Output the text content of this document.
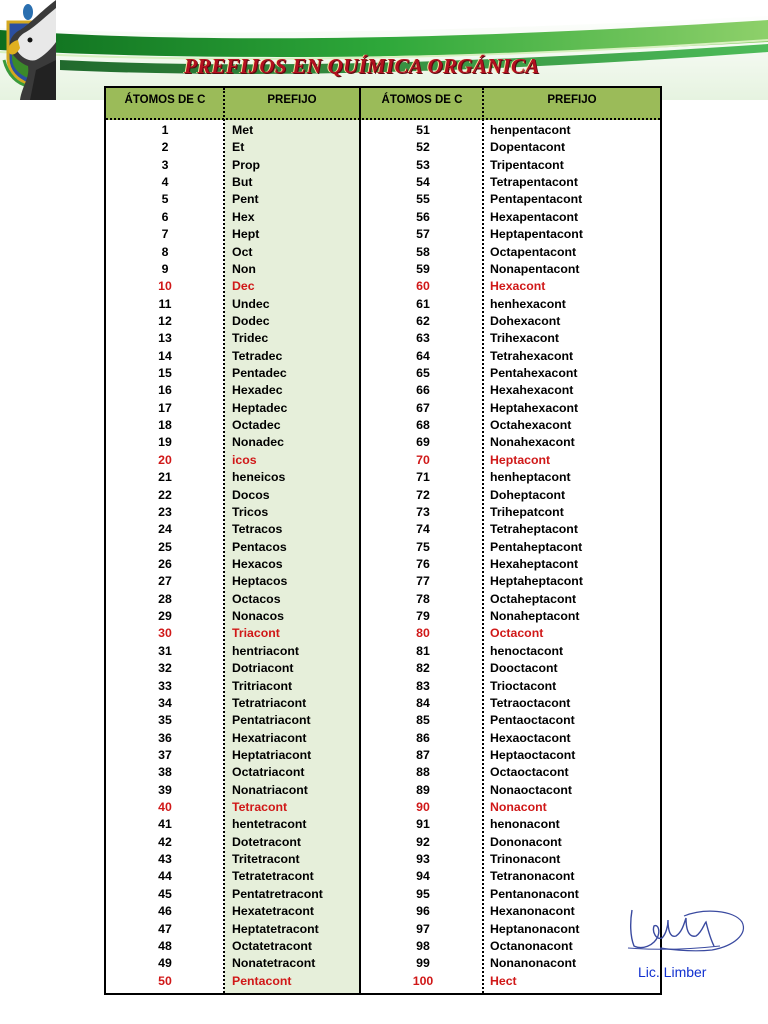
PREFIJOS EN QUÍMICA ORGÁNICA
ÁTOMOS DE C	PREFIJO	ÁTOMOS DE C	PREFIJO
1	Met	51	henpentacont
2	Et	52	Dopentacont
3	Prop	53	Tripentacont
4	But	54	Tetrapentacont
5	Pent	55	Pentapentacont
6	Hex	56	Hexapentacont
7	Hept	57	Heptapentacont
8	Oct	58	Octapentacont
9	Non	59	Nonapentacont
10	Dec	60	Hexacont
11	Undec	61	henhexacont
12	Dodec	62	Dohexacont
13	Tridec	63	Trihexacont
14	Tetradec	64	Tetrahexacont
15	Pentadec	65	Pentahexacont
16	Hexadec	66	Hexahexacont
17	Heptadec	67	Heptahexacont
18	Octadec	68	Octahexacont
19	Nonadec	69	Nonahexacont
20	icos	70	Heptacont
21	heneicos	71	henheptacont
22	Docos	72	Doheptacont
23	Tricos	73	Trihepatcont
24	Tetracos	74	Tetraheptacont
25	Pentacos	75	Pentaheptacont
26	Hexacos	76	Hexaheptacont
27	Heptacos	77	Heptaheptacont
28	Octacos	78	Octaheptacont
29	Nonacos	79	Nonaheptacont
30	Triacont	80	Octacont
31	hentriacont	81	henoctacont
32	Dotriacont	82	Dooctacont
33	Tritriacont	83	Trioctacont
34	Tetratriacont	84	Tetraoctacont
35	Pentatriacont	85	Pentaoctacont
36	Hexatriacont	86	Hexaoctacont
37	Heptatriacont	87	Heptaoctacont
38	Octatriacont	88	Octaoctacont
39	Nonatriacont	89	Nonaoctacont
40	Tetracont	90	Nonacont
41	hentetracont	91	henonacont
42	Dotetracont	92	Dononacont
43	Tritetracont	93	Trinonacont
44	Tetratetracont	94	Tetranonacont
45	Pentatretracont	95	Pentanonacont
46	Hexatetracont	96	Hexanonacont
47	Heptatetracont	97	Heptanonacont
48	Octatetracont	98	Octanonacont
49	Nonatetracont	99	Nonanonacont
50	Pentacont	100	Hect
Lic. Limber
